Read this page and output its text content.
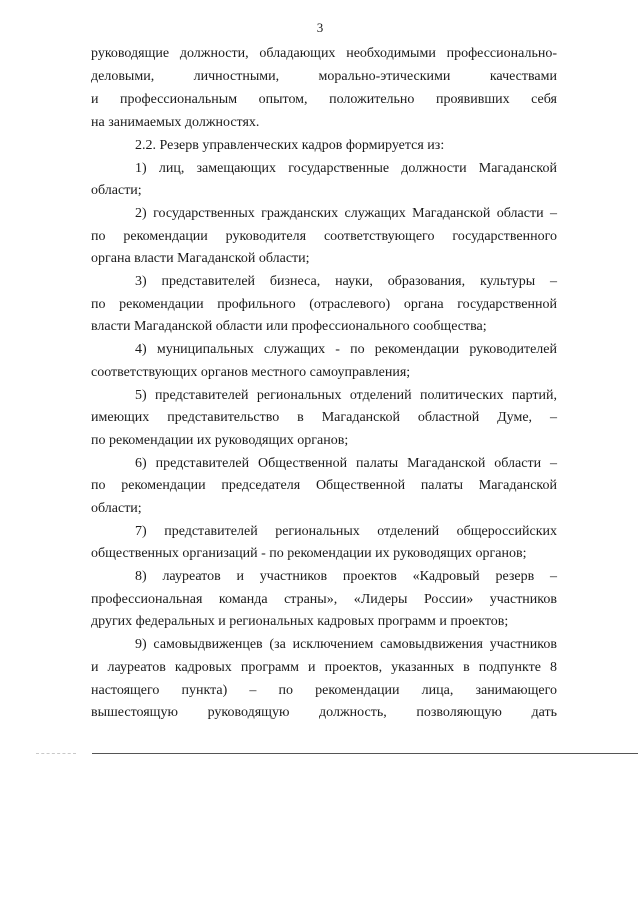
3
руководящие должности, обладающих необходимыми профессионально-
деловыми, личностными, морально-этическими качествами
и профессиональным опытом, положительно проявивших себя
на занимаемых должностях.
2.2. Резерв управленческих кадров формируется из:
1) лиц, замещающих государственные должности Магаданской
области;
2) государственных гражданских служащих Магаданской области –
по рекомендации руководителя соответствующего государственного
органа власти Магаданской области;
3) представителей бизнеса, науки, образования, культуры –
по рекомендации профильного (отраслевого) органа государственной
власти Магаданской области или профессионального сообщества;
4) муниципальных служащих - по рекомендации руководителей
соответствующих органов местного самоуправления;
5) представителей региональных отделений политических партий,
имеющих представительство в Магаданской областной Думе, –
по рекомендации их руководящих органов;
6) представителей Общественной палаты Магаданской области –
по рекомендации председателя Общественной палаты Магаданской
области;
7) представителей региональных отделений общероссийских
общественных организаций - по рекомендации их руководящих органов;
8) лауреатов и участников проектов «Кадровый резерв –
профессиональная команда страны», «Лидеры России» участников
других федеральных и региональных кадровых программ и проектов;
9) самовыдвиженцев (за исключением самовыдвижения участников
и лауреатов кадровых программ и проектов, указанных в подпункте 8
настоящего пункта) – по рекомендации лица, занимающего
вышестоящую руководящую должность, позволяющую дать
